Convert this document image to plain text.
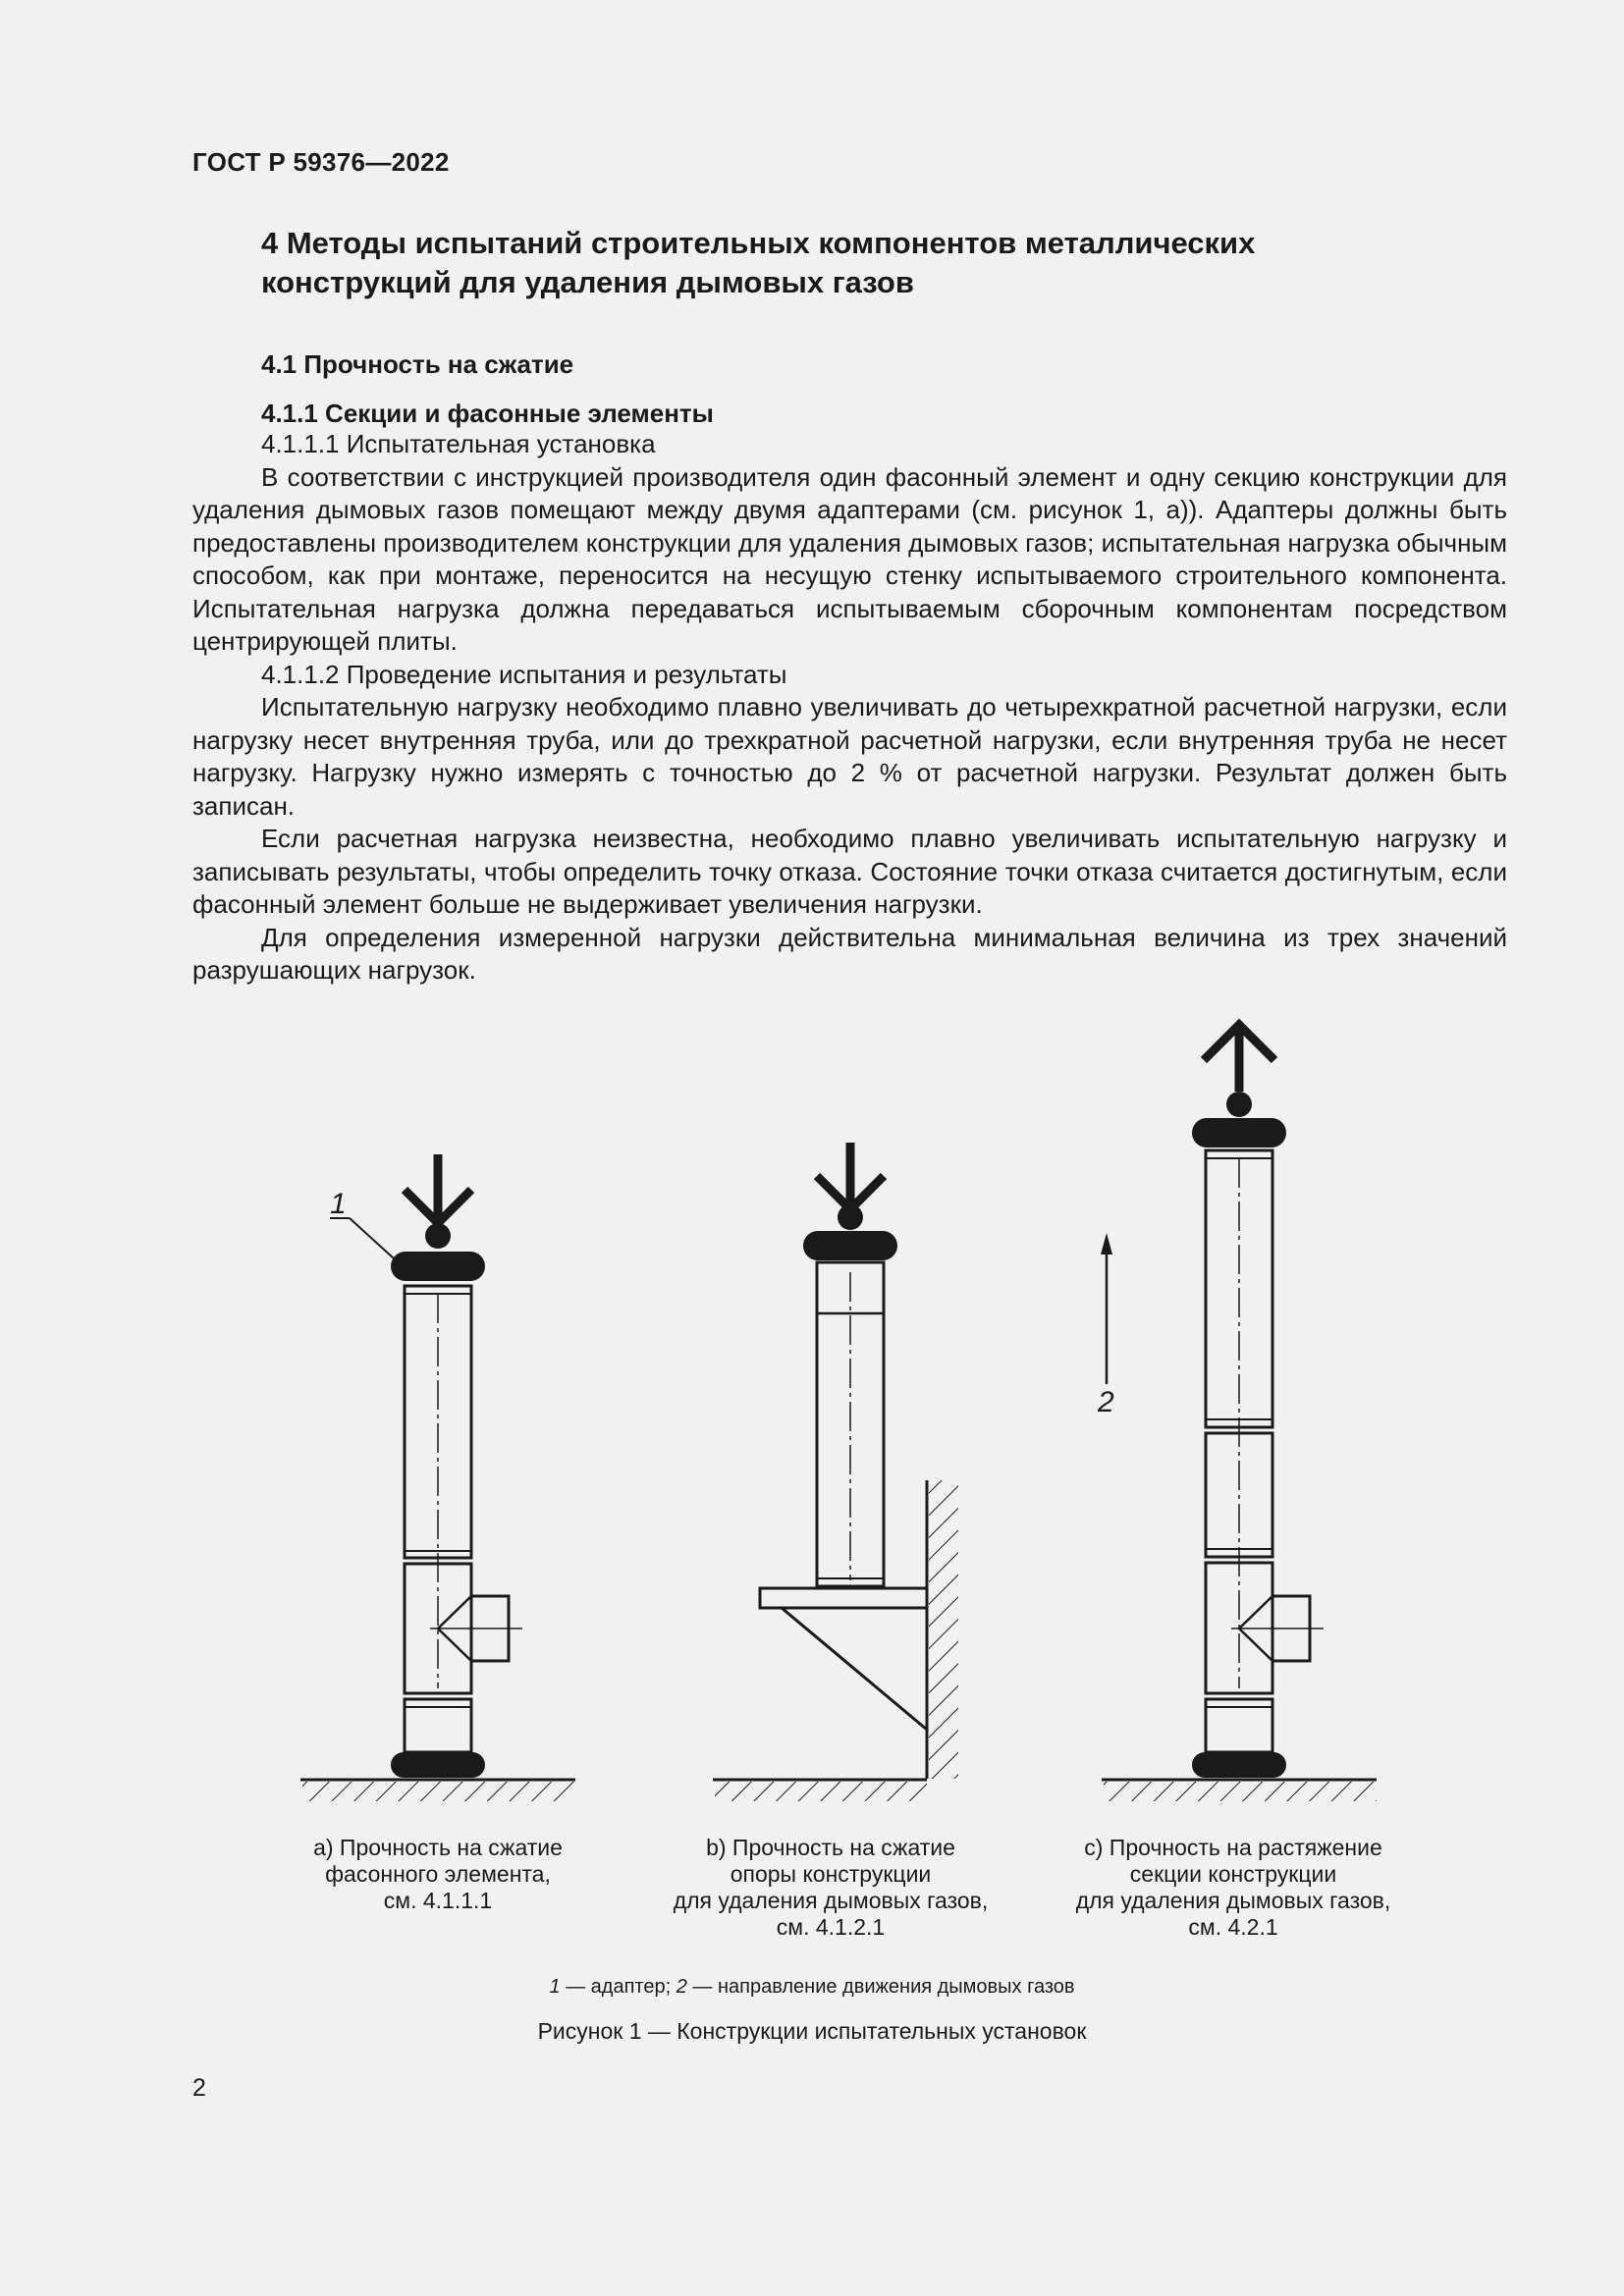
ГОСТ Р 59376—2022
4 Методы испытаний строительных компонентов металлических
конструкций для удаления дымовых газов
4.1 Прочность на сжатие
4.1.1 Секции и фасонные элементы

4.1.1.1 Испытательная установка

В соответствии с инструкцией производителя один фасонный элемент и одну секцию конструкции для удаления дымовых газов помещают между двумя адаптерами (см. рисунок 1, a)). Адаптеры должны быть предоставлены производителем конструкции для удаления дымовых газов; испытательная нагрузка обычным способом, как при монтаже, переносится на несущую стенку испытываемого строительного компонента. Испытательная нагрузка должна передаваться испытываемым сборочным компонентам посредством центрирующей плиты.

4.1.1.2 Проведение испытания и результаты

Испытательную нагрузку необходимо плавно увеличивать до четырехкратной расчетной нагрузки, если нагрузку несет внутренняя труба, или до трехкратной расчетной нагрузки, если внутренняя труба не несет нагрузку. Нагрузку нужно измерять с точностью до 2 % от расчетной нагрузки. Результат должен быть записан.

Если расчетная нагрузка неизвестна, необходимо плавно увеличивать испытательную нагрузку и записывать результаты, чтобы определить точку отказа. Состояние точки отказа считается достигнутым, если фасонный элемент больше не выдерживает увеличения нагрузки.

Для определения измеренной нагрузки действительна минимальная величина из трех значений разрушающих нагрузок.

1
2
a) Прочность на сжатие
фасонного элемента,
см. 4.1.1.1
b) Прочность на сжатие
опоры конструкции
для удаления дымовых газов,
см. 4.1.2.1
c) Прочность на растяжение
секции конструкции
для удаления дымовых газов,
см. 4.2.1
1 — адаптер; 2 — направление движения дымовых газов
Рисунок 1 — Конструкции испытательных установок
2
